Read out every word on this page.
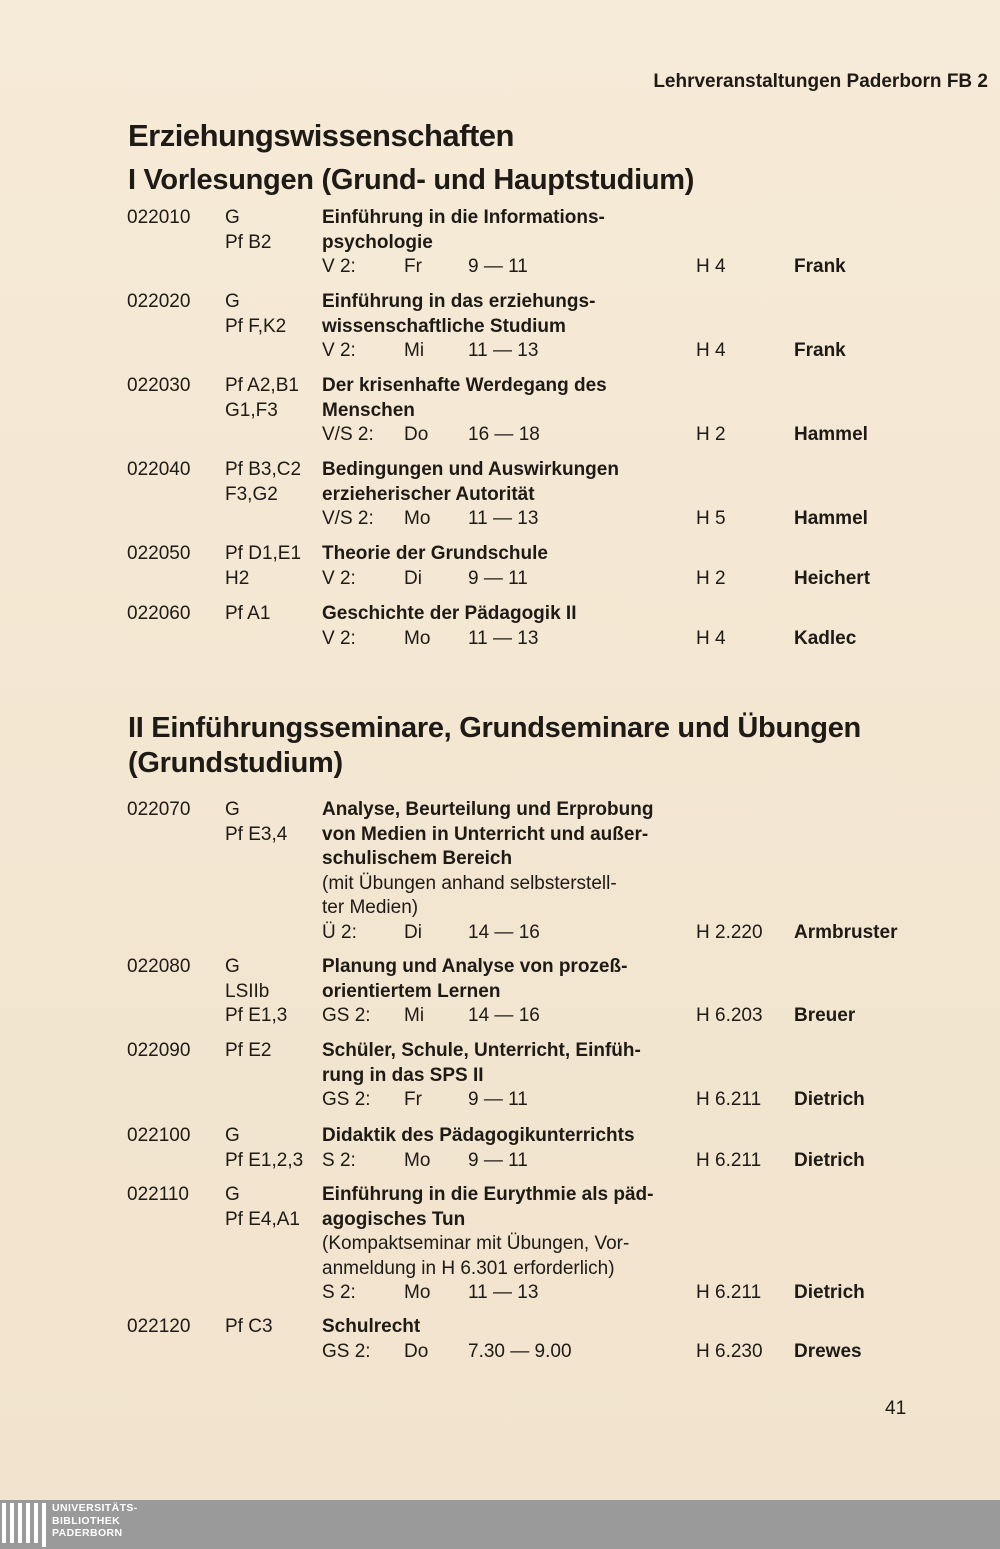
Lehrveranstaltungen Paderborn FB 2
Erziehungswissenschaften
I Vorlesungen (Grund- und Hauptstudium)
022010 G
Pf B2
Einführung in die Informations-
psychologie
V 2:	Fr 9 — 11	H 4	Frank
022020 G
Pf F,K2
Einführung in das erziehungs-
wissenschaftliche Studium
V 2:	Mi 11 — 13	H 4	Frank
022030 Pf A2,B1
G1,F3
Der krisenhafte Werdegang des
Menschen
V/S 2: Do 16 — 18	H 2	Hammel
022040 Pf B3,C2
F3,G2
Bedingungen und Auswirkungen
erzieherischer Autorität
V/S 2: Mo 11 — 13	H 5	Hammel
022050 Pf D1,E1
H2
Theorie der Grundschule
V 2:	Di 9 — 11	H 2	Heichert
022060 Pf A1	Geschichte der Pädagogik II
V 2:	Mo 11 — 13	H 4	Kadlec
II Einführungsseminare, Grundseminare und Übungen
(Grundstudium)
022070 G
Pf E3,4
Analyse, Beurteilung und Erprobung
von Medien in Unterricht und außer-
schulischem Bereich
(mit Übungen anhand selbsterstell-
ter Medien)
Ü 2: Di 14 — 16	H 2.220 Armbruster
022080 G
LSIIb
Pf E1,3
Planung und Analyse von prozeß-
orientiertem Lernen
GS 2: Mi 14 — 16	H 6.203 Breuer
022090 Pf E2	Schüler, Schule, Unterricht, Einfüh-
rung in das SPS II
GS 2: Fr 9 — 11	H 6.211 Dietrich
022100 G
Pf E1,2,3
Didaktik des Pädagogikunterrichts
S 2:	Mo 9 — 11	H 6.211 Dietrich
022110 G
Pf E4,A1
Einführung in die Eurythmie als päd-
agogisches Tun
(Kompaktseminar mit Übungen, Vor-
anmeldung in H 6.301 erforderlich)
S 2:	Mo 11 — 13	H 6.211 Dietrich
022120 Pf C3	Schulrecht
GS 2: Do 7.30 — 9.00	H 6.230 Drewes
41
UNIVERSITÄTS-
BIBLIOTHEK
PADERBORN
